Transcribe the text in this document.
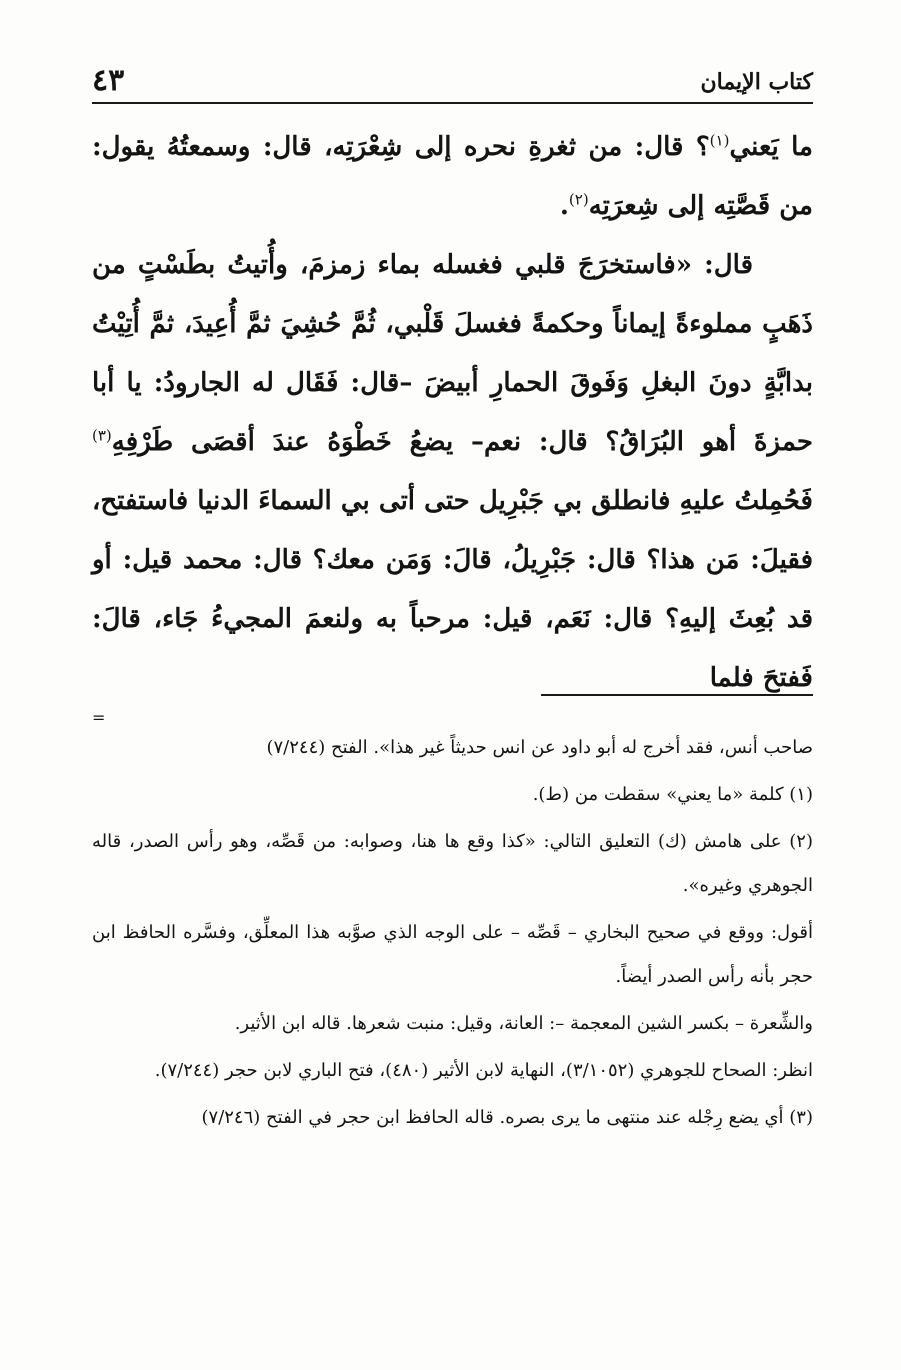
كتاب الإيمان
٤٣

ما يَعني$^{(١)}$؟ قال: من ثغرةِ نحره إلى شِعْرَتِه، قال: وسمعتُهُ يقول: من قَصَّتِه إلى شِعرَتِه$^{(٢)}$.

قال: «فاستخرَجَ قلبي فغسله بماء زمزمَ، وأُتيتُ بطَسْتٍ من ذَهَبٍ مملوءةً إيماناً وحكمةً فغسلَ قَلْبي، ثُمَّ حُشِيَ ثمَّ أُعِيدَ، ثمَّ أُتِيْتُ بدابَّةٍ دونَ البغلِ وَفَوقَ الحمارِ أبيضَ –قال: فَقَال له الجارودُ: يا أبا حمزةَ أهو البُرَاقُ؟ قال: نعم– يضعُ خَطْوَهُ عندَ أقصَى طَرْفِهِ$^{(٣)}$ فَحُمِلتُ عليهِ فانطلق بي جَبْرِيل حتى أتى بي السماءَ الدنيا فاستفتح، فقيلَ: مَن هذا؟ قال: جَبْرِيلُ، قالَ: وَمَن معك؟ قال: محمد قيل: أو قد بُعِثَ إليهِ؟ قال: نَعَم، قيل: مرحباً به ولنعمَ المجيءُ جَاء، قالَ: فَفتحَ فلما

=

صاحب أنس، فقد أخرج له أبو داود عن انس حديثاً غير هذا». الفتح (٧/٢٤٤)

(١) كلمة «ما يعني» سقطت من (ط).

(٢) على هامش (ك) التعليق التالي: «كذا وقع ها هنا، وصوابه: من قَصِّه، وهو رأس الصدر، قاله الجوهري وغيره».

أقول: ووقع في صحيح البخاري – قَصِّه – على الوجه الذي صوَّبه هذا المعلِّق، وفسَّره الحافظ ابن حجر بأنه رأس الصدر أيضاً.

والشِّعرة – بكسر الشين المعجمة –: العانة، وقيل: منبت شعرها. قاله ابن الأثير.

انظر: الصحاح للجوهري (٣/١٠٥٢)، النهاية لابن الأثير (٤٨٠)، فتح الباري لابن حجر (٧/٢٤٤).

(٣) أي يضع رِجْله عند منتهى ما يرى بصره. قاله الحافظ ابن حجر في الفتح (٧/٢٤٦)
